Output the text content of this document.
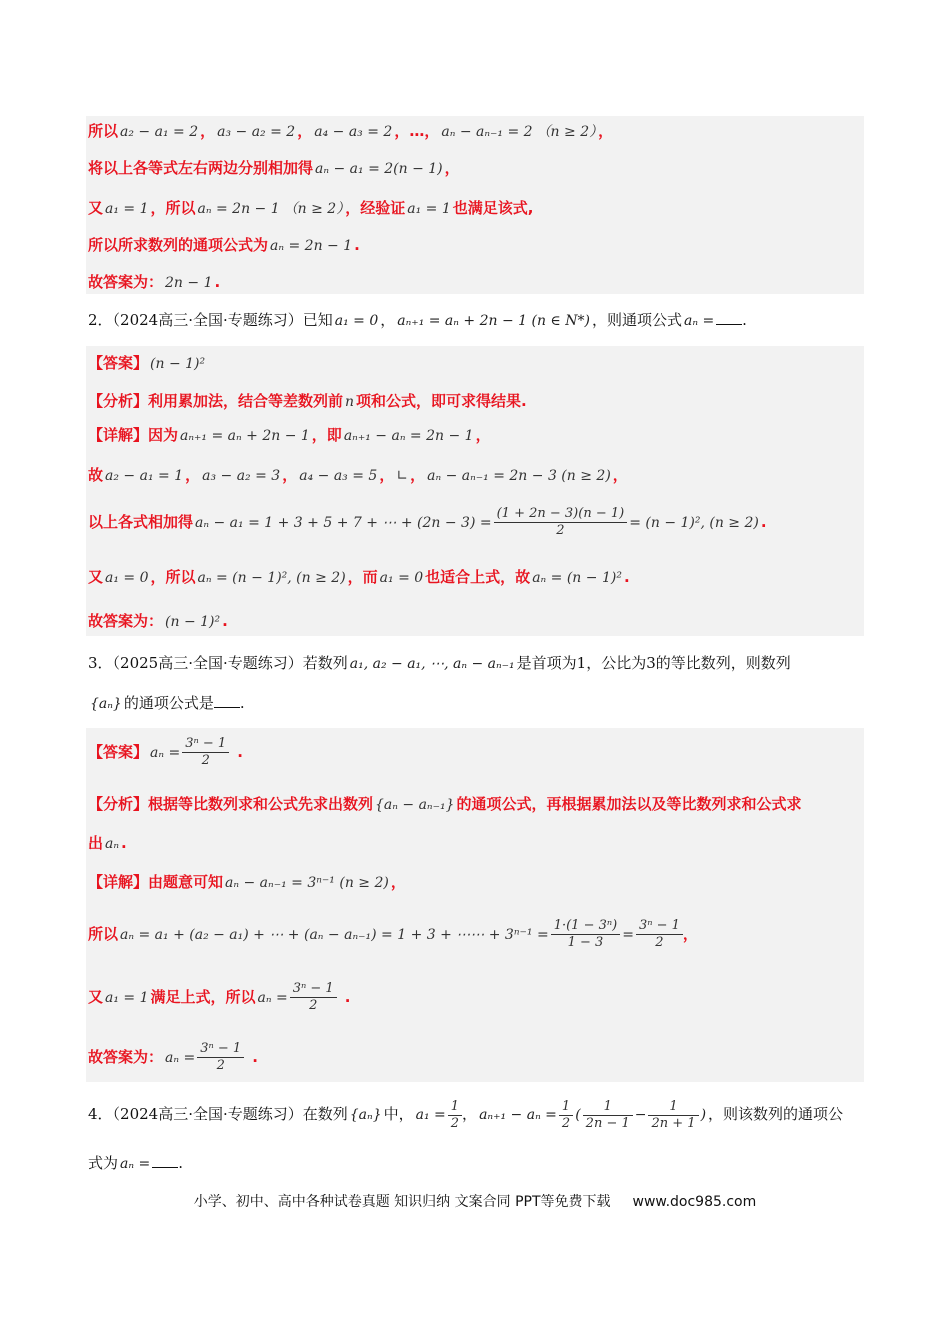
所以 a₂ − a₁ = 2 ， a₃ − a₂ = 2 ， a₄ − a₃ = 2 ，…， aₙ − aₙ₋₁ = 2 （n ≥ 2） ，
将以上各等式左右两边分别相加得 aₙ − a₁ = 2(n − 1) ，
又 a₁ = 1 ，所以 aₙ = 2n − 1 （n ≥ 2） ，经验证 a₁ = 1 也满足该式,
所以所求数列的通项公式为 aₙ = 2n − 1 .
故答案为： 2n − 1 .
2．（2024高三·全国·专题练习）已知 a₁ = 0 ， aₙ₊₁ = aₙ + 2n − 1 (n ∈ N*) ，则通项公式 aₙ = .
【答案】 (n − 1)²
【分析】利用累加法，结合等差数列前 n 项和公式，即可求得结果.
【详解】因为 aₙ₊₁ = aₙ + 2n − 1 ，即 aₙ₊₁ − aₙ = 2n − 1 ，
故 a₂ − a₁ = 1 ， a₃ − a₂ = 3 ， a₄ − a₃ = 5 ， ∟ ， aₙ − aₙ₋₁ = 2n − 3 (n ≥ 2) ，
以上各式相加得 aₙ − a₁ = 1 + 3 + 5 + 7 + ⋯ + $(2n - 3) = \frac{(1 + 2n - 3)(n - 1)}{2} = (n - 1)^2$, (n ≥ 2) .
又 a₁ = 0 ，所以 aₙ = (n − 1)², (n ≥ 2) ，而 a₁ = 0 也适合上式，故 aₙ = (n − 1)² .
故答案为： (n − 1)² .
3．（2025高三·全国·专题练习）若数列 a₁, a₂ − a₁, ⋯, aₙ − aₙ₋₁ 是首项为1，公比为3的等比数列，则数列
{aₙ} 的通项公式是 .
【答案】 $a_n = \frac{\text{3ⁿ − 1}}{2}$ .
【分析】根据等比数列求和公式先求出数列 {aₙ − aₙ₋₁} 的通项公式，再根据累加法以及等比数列求和公式求
出 aₙ .
【详解】由题意可知 aₙ − aₙ₋₁ = 3ⁿ⁻¹ (n ≥ 2) ，
所以 aₙ = a₁ + (a₂ − a₁) + ⋯ + (aₙ − aₙ₋₁) = 1 + 3 + ⋯⋯ + $3^{n-1} = \frac{\text{1·(1 − 3ⁿ)}}{1 - 3} = \frac{\text{3ⁿ − 1}}{2}$ ，
又 a₁ = 1 满足上式，所以 $a_n = \frac{\text{3ⁿ − 1}}{2}$ .
故答案为： $a_n = \frac{\text{3ⁿ − 1}}{2}$ .
4．（2024高三·全国·专题练习）在数列 {aₙ} 中， $a_1 = \frac{1}{2}$ ， $a_{n+1} - a_n = \frac{1}{2}$ ( $\frac{1}{2n - 1} - \frac{1}{2n + 1}$ ) ，则该数列的通项公
式为 aₙ = .
小学、初中、高中各种试卷真题 知识归纳 文案合同 PPT等免费下载 www.doc985.com
